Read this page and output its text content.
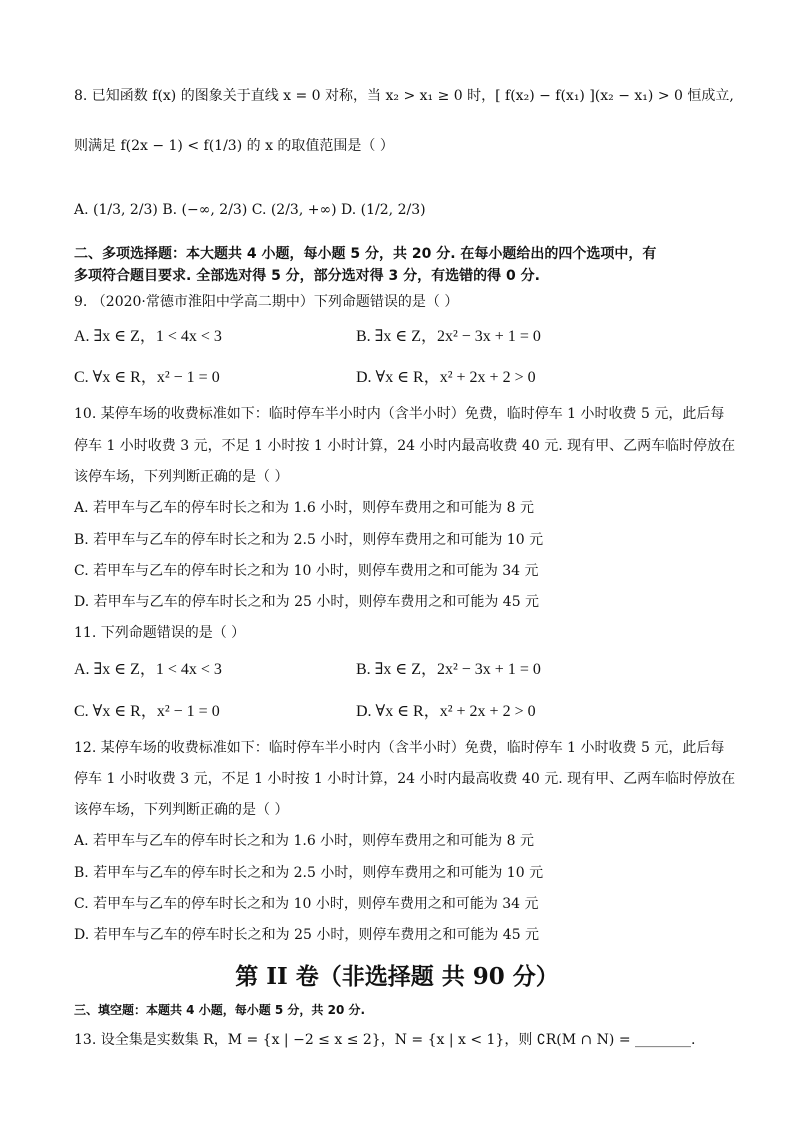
8. 已知函数 f(x) 的图象关于直线 x = 0 对称，当 x₂ > x₁ ≥ 0 时，[ f(x₂) − f(x₁) ](x₂ − x₁) > 0 恒成立,
则满足 f(2x − 1) < f(1/3) 的 x 的取值范围是（ ）
A. (1/3, 2/3) B. (−∞, 2/3) C. (2/3, +∞) D. (1/2, 2/3)
二、多项选择题：本大题共 4 小题，每小题 5 分，共 20 分. 在每小题给出的四个选项中，有
多项符合题目要求. 全部选对得 5 分，部分选对得 3 分，有选错的得 0 分.
9. （2020·常德市淮阳中学高二期中）下列命题错误的是（ ）
A. ∃x ∈ Z，1 < 4x < 3	B. ∃x ∈ Z，2x² − 3x + 1 = 0
C. ∀x ∈ R，x² − 1 = 0	D. ∀x ∈ R，x² + 2x + 2 > 0
10. 某停车场的收费标准如下：临时停车半小时内（含半小时）免费，临时停车 1 小时收费 5 元，此后每
停车 1 小时收费 3 元，不足 1 小时按 1 小时计算，24 小时内最高收费 40 元. 现有甲、乙两车临时停放在
该停车场，下列判断正确的是（ ）
A. 若甲车与乙车的停车时长之和为 1.6 小时，则停车费用之和可能为 8 元
B. 若甲车与乙车的停车时长之和为 2.5 小时，则停车费用之和可能为 10 元
C. 若甲车与乙车的停车时长之和为 10 小时，则停车费用之和可能为 34 元
D. 若甲车与乙车的停车时长之和为 25 小时，则停车费用之和可能为 45 元
11. 下列命题错误的是（ ）
A. ∃x ∈ Z，1 < 4x < 3	B. ∃x ∈ Z，2x² − 3x + 1 = 0
C. ∀x ∈ R，x² − 1 = 0	D. ∀x ∈ R，x² + 2x + 2 > 0
12. 某停车场的收费标准如下：临时停车半小时内（含半小时）免费，临时停车 1 小时收费 5 元，此后每
停车 1 小时收费 3 元，不足 1 小时按 1 小时计算，24 小时内最高收费 40 元. 现有甲、乙两车临时停放在
该停车场，下列判断正确的是（ ）
A. 若甲车与乙车的停车时长之和为 1.6 小时，则停车费用之和可能为 8 元
B. 若甲车与乙车的停车时长之和为 2.5 小时，则停车费用之和可能为 10 元
C. 若甲车与乙车的停车时长之和为 10 小时，则停车费用之和可能为 34 元
D. 若甲车与乙车的停车时长之和为 25 小时，则停车费用之和可能为 45 元
第 II 卷（非选择题 共 90 分）
三、填空题：本题共 4 小题，每小题 5 分，共 20 分.
13. 设全集是实数集 R，M = {x | −2 ≤ x ≤ 2}，N = {x | x < 1}，则 ∁R(M ∩ N) = ________.
